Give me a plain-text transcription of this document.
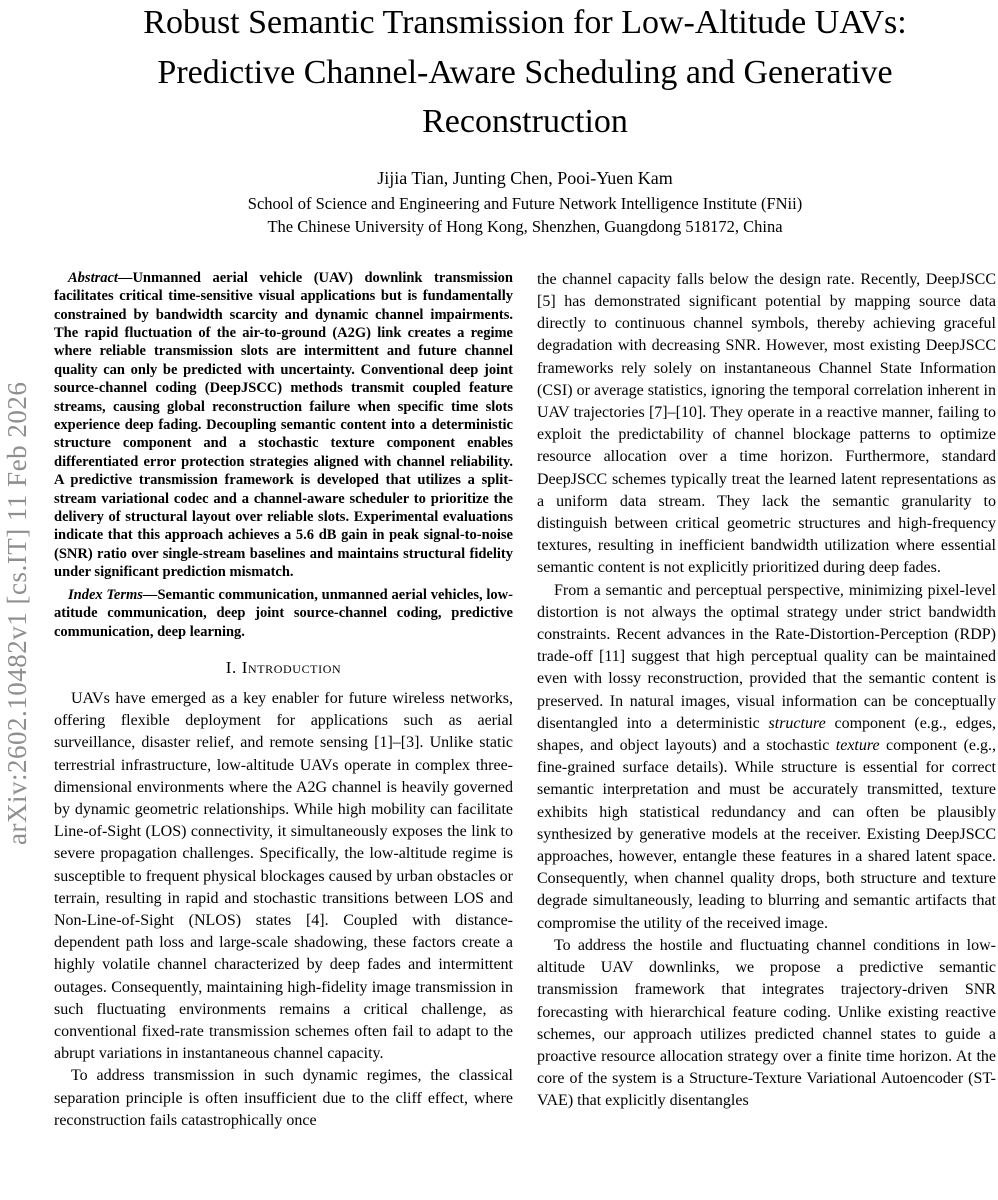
arXiv:2602.10482v1 [cs.IT] 11 Feb 2026
Robust Semantic Transmission for Low-Altitude UAVs: Predictive Channel-Aware Scheduling and Generative Reconstruction
Jijia Tian, Junting Chen, Pooi-Yuen Kam
School of Science and Engineering and Future Network Intelligence Institute (FNii)
The Chinese University of Hong Kong, Shenzhen, Guangdong 518172, China

Abstract—Unmanned aerial vehicle (UAV) downlink transmission facilitates critical time-sensitive visual applications but is fundamentally constrained by bandwidth scarcity and dynamic channel impairments. The rapid fluctuation of the air-to-ground (A2G) link creates a regime where reliable transmission slots are intermittent and future channel quality can only be predicted with uncertainty. Conventional deep joint source-channel coding (DeepJSCC) methods transmit coupled feature streams, causing global reconstruction failure when specific time slots experience deep fading. Decoupling semantic content into a deterministic structure component and a stochastic texture component enables differentiated error protection strategies aligned with channel reliability. A predictive transmission framework is developed that utilizes a split-stream variational codec and a channel-aware scheduler to prioritize the delivery of structural layout over reliable slots. Experimental evaluations indicate that this approach achieves a 5.6 dB gain in peak signal-to-noise (SNR) ratio over single-stream baselines and maintains structural fidelity under significant prediction mismatch.

Index Terms—Semantic communication, unmanned aerial vehicles, low-atitude communication, deep joint source-channel coding, predictive communication, deep learning.

I. Introduction

UAVs have emerged as a key enabler for future wireless networks, offering flexible deployment for applications such as aerial surveillance, disaster relief, and remote sensing [1]–[3]. Unlike static terrestrial infrastructure, low-altitude UAVs operate in complex three-dimensional environments where the A2G channel is heavily governed by dynamic geometric relationships. While high mobility can facilitate Line-of-Sight (LOS) connectivity, it simultaneously exposes the link to severe propagation challenges. Specifically, the low-altitude regime is susceptible to frequent physical blockages caused by urban obstacles or terrain, resulting in rapid and stochastic transitions between LOS and Non-Line-of-Sight (NLOS) states [4]. Coupled with distance-dependent path loss and large-scale shadowing, these factors create a highly volatile channel characterized by deep fades and intermittent outages. Consequently, maintaining high-fidelity image transmission in such fluctuating environments remains a critical challenge, as conventional fixed-rate transmission schemes often fail to adapt to the abrupt variations in instantaneous channel capacity.

To address transmission in such dynamic regimes, the classical separation principle is often insufficient due to the cliff effect, where reconstruction fails catastrophically once

the channel capacity falls below the design rate. Recently, DeepJSCC [5] has demonstrated significant potential by mapping source data directly to continuous channel symbols, thereby achieving graceful degradation with decreasing SNR. However, most existing DeepJSCC frameworks rely solely on instantaneous Channel State Information (CSI) or average statistics, ignoring the temporal correlation inherent in UAV trajectories [7]–[10]. They operate in a reactive manner, failing to exploit the predictability of channel blockage patterns to optimize resource allocation over a time horizon. Furthermore, standard DeepJSCC schemes typically treat the learned latent representations as a uniform data stream. They lack the semantic granularity to distinguish between critical geometric structures and high-frequency textures, resulting in inefficient bandwidth utilization where essential semantic content is not explicitly prioritized during deep fades.

From a semantic and perceptual perspective, minimizing pixel-level distortion is not always the optimal strategy under strict bandwidth constraints. Recent advances in the Rate-Distortion-Perception (RDP) trade-off [11] suggest that high perceptual quality can be maintained even with lossy reconstruction, provided that the semantic content is preserved. In natural images, visual information can be conceptually disentangled into a deterministic structure component (e.g., edges, shapes, and object layouts) and a stochastic texture component (e.g., fine-grained surface details). While structure is essential for correct semantic interpretation and must be accurately transmitted, texture exhibits high statistical redundancy and can often be plausibly synthesized by generative models at the receiver. Existing DeepJSCC approaches, however, entangle these features in a shared latent space. Consequently, when channel quality drops, both structure and texture degrade simultaneously, leading to blurring and semantic artifacts that compromise the utility of the received image.

To address the hostile and fluctuating channel conditions in low-altitude UAV downlinks, we propose a predictive semantic transmission framework that integrates trajectory-driven SNR forecasting with hierarchical feature coding. Unlike existing reactive schemes, our approach utilizes predicted channel states to guide a proactive resource allocation strategy over a finite time horizon. At the core of the system is a Structure-Texture Variational Autoencoder (ST-VAE) that explicitly disentangles
